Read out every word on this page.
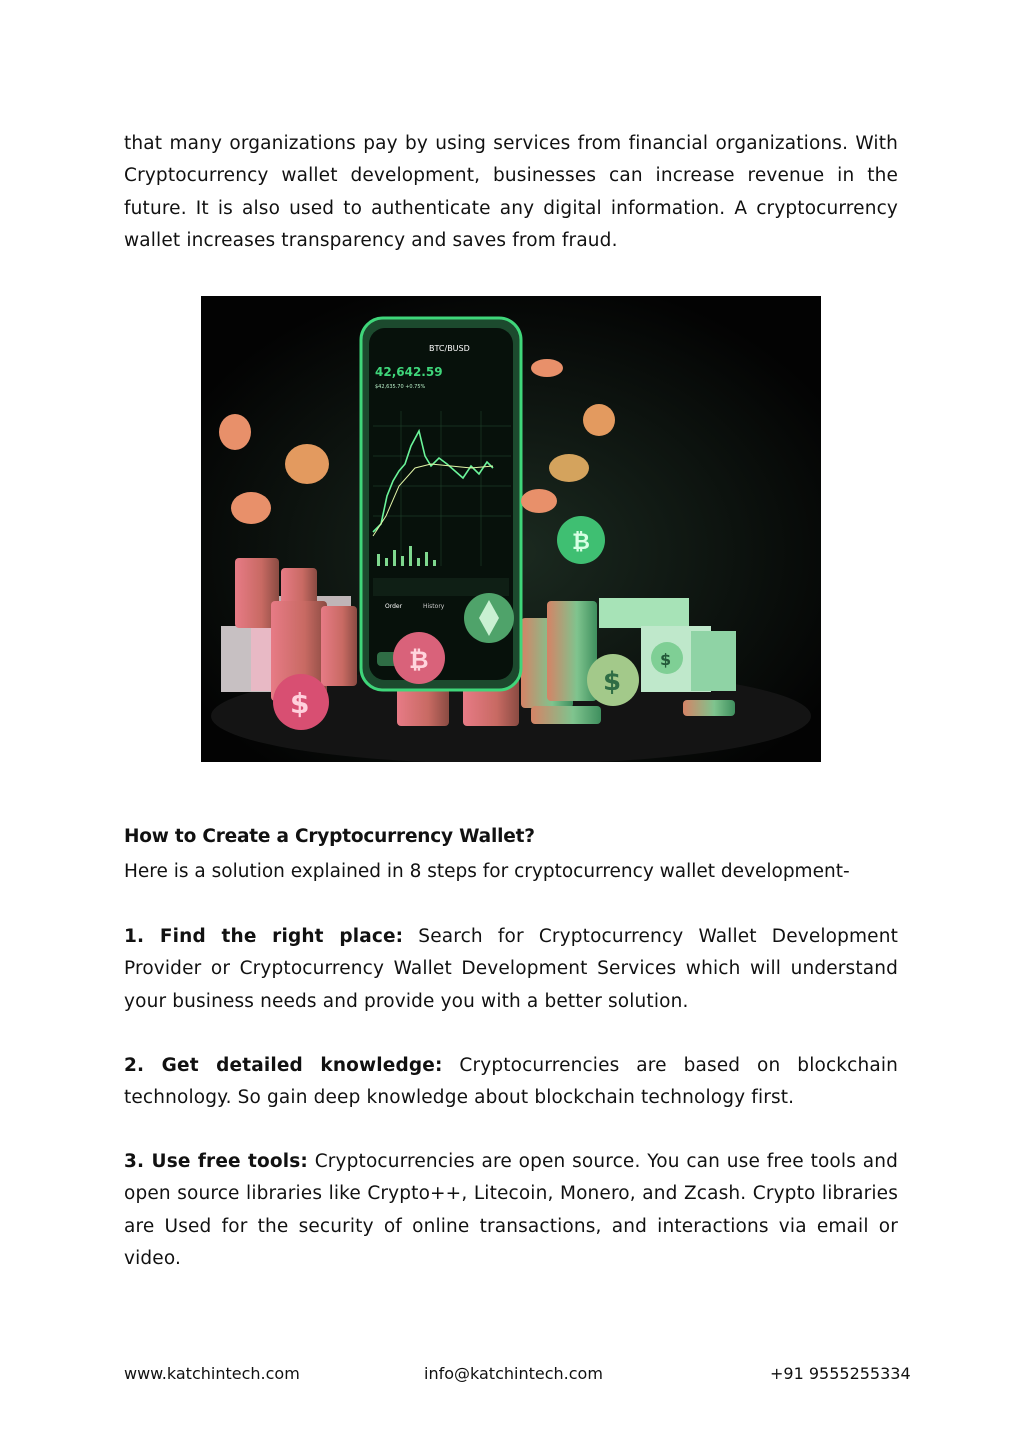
that many organizations pay by using services from financial organizations. With Cryptocurrency wallet development, businesses can increase revenue in the future. It is also used to authenticate any digital information. A cryptocurrency wallet increases transparency and saves from fraud.

BTC/BUSD
42,642.59
$42,635.70 +0.75%
Order	History
₿
₿
$
$
$

How to Create a Cryptocurrency Wallet?

Here is a solution explained in 8 steps for cryptocurrency wallet development-

1. Find the right place: Search for Cryptocurrency Wallet Development Provider or Cryptocurrency Wallet Development Services which will understand your business needs and provide you with a better solution.

2. Get detailed knowledge: Cryptocurrencies are based on blockchain technology. So gain deep knowledge about blockchain technology first.

3. Use free tools: Cryptocurrencies are open source. You can use free tools and open source libraries like Crypto++, Litecoin, Monero, and Zcash. Crypto libraries are Used for the security of online transactions, and interactions via email or video.

www.katchintech.com	info@katchintech.com	+91 9555255334
